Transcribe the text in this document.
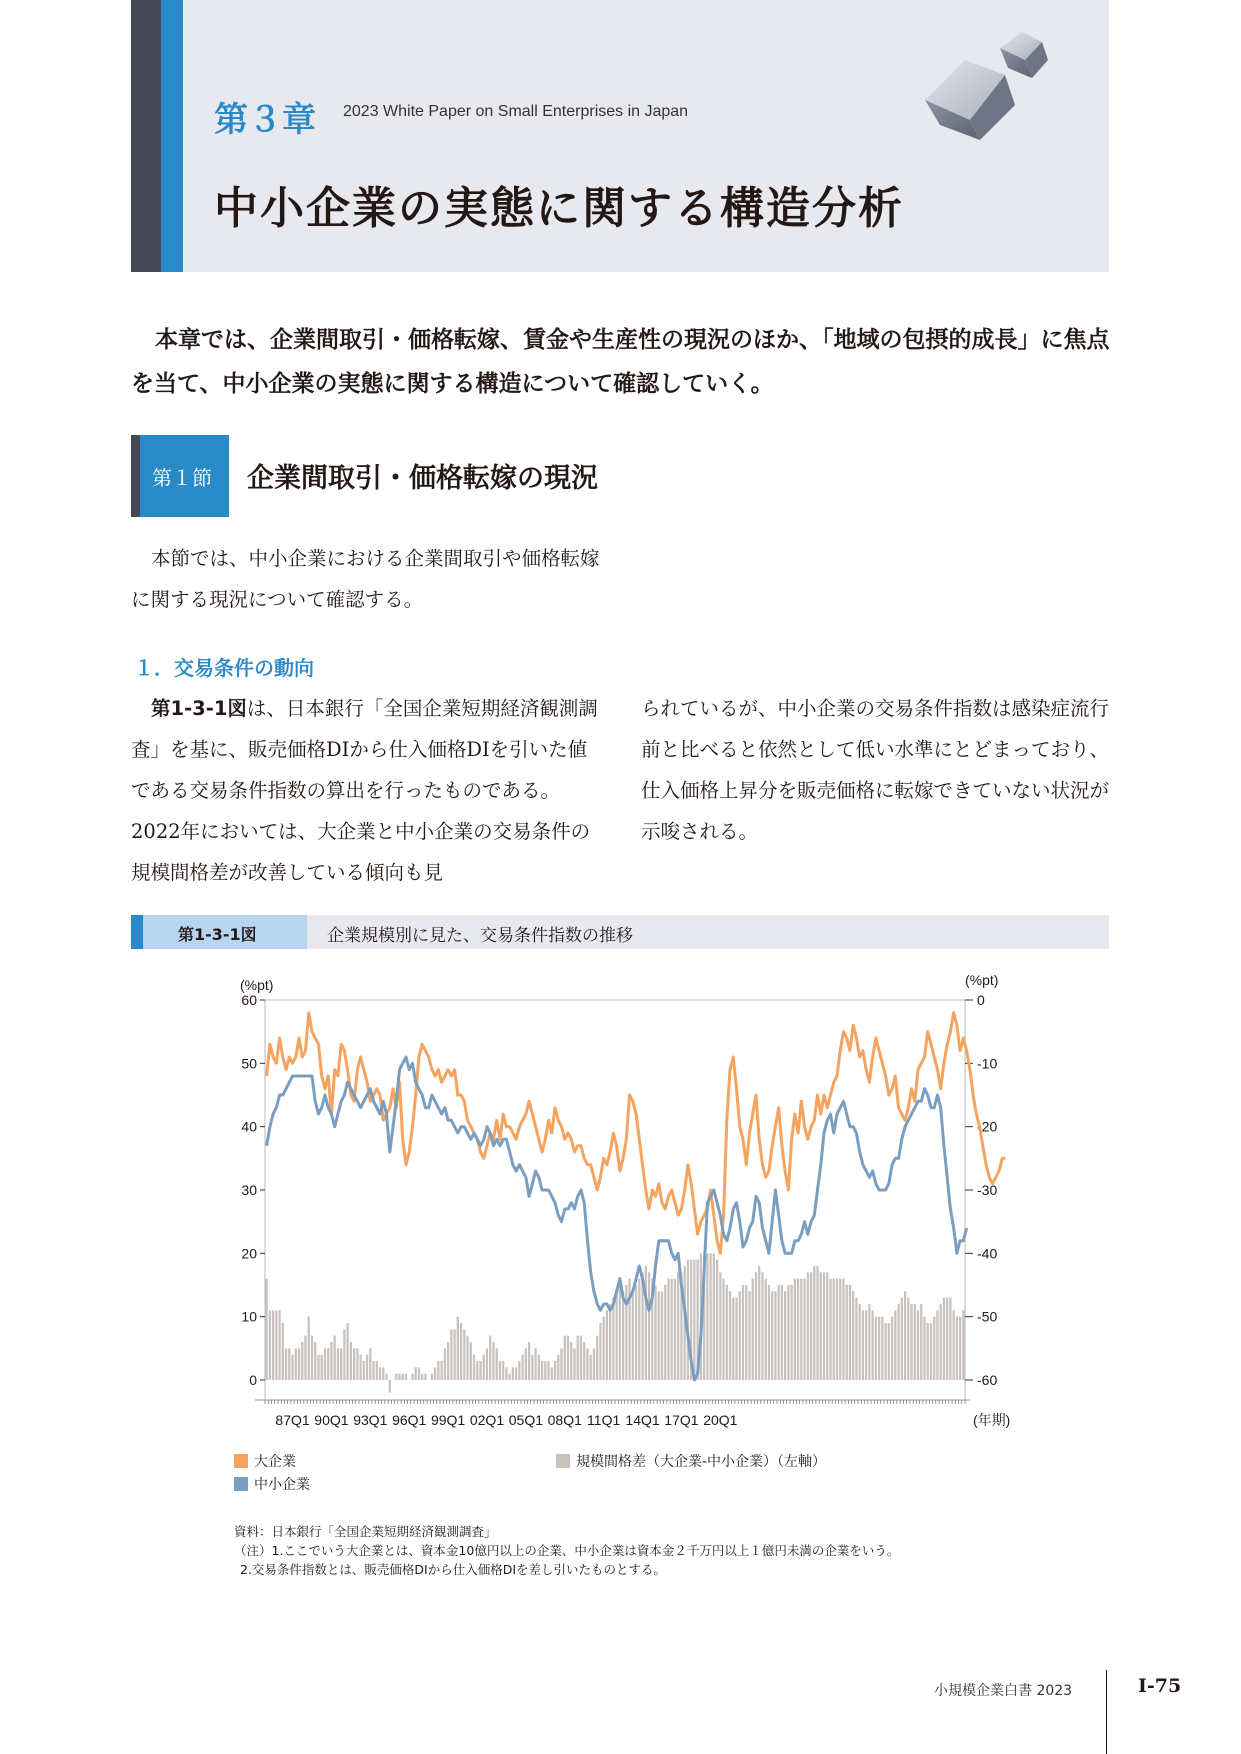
第３章 2023 White Paper on Small Enterprises in Japan
中小企業の実態に関する構造分析
本章では、企業間取引・価格転嫁、賃金や生産性の現況のほか、「地域の包摂的成長」に焦点を当て、中小企業の実態に関する構造について確認していく。
第１節 企業間取引・価格転嫁の現況
本節では、中小企業における企業間取引や価格転嫁に関する現況について確認する。
１．交易条件の動向
第1-3-1図は、日本銀行「全国企業短期経済観測調査」を基に、販売価格DIから仕入価格DIを引いた値である交易条件指数の算出を行ったものである。2022年においては、大企業と中小企業の交易条件の規模間格差が改善している傾向も見
られているが、中小企業の交易条件指数は感染症流行前と比べると依然として低い水準にとどまっており、仕入価格上昇分を販売価格に転嫁できていない状況が示唆される。
第1-3-1図	企業規模別に見た、交易条件指数の推移
0
10
20
30
40
50
60
-60
-50
-40
-30
-20
-10
0
(%pt)	(%pt)
87Q1 90Q1 93Q1 96Q1 99Q1 02Q1 05Q1 08Q1 11Q1 14Q1 17Q1 20Q1	(年期)
大企業
中小企業
規模間格差（大企業-中小企業）（左軸）
資料：日本銀行「全国企業短期経済観測調査」
（注）1.ここでいう大企業とは、資本金10億円以上の企業、中小企業は資本金２千万円以上１億円未満の企業をいう。
2.交易条件指数とは、販売価格DIから仕入価格DIを差し引いたものとする。
小規模企業白書 2023	Ⅰ-75
